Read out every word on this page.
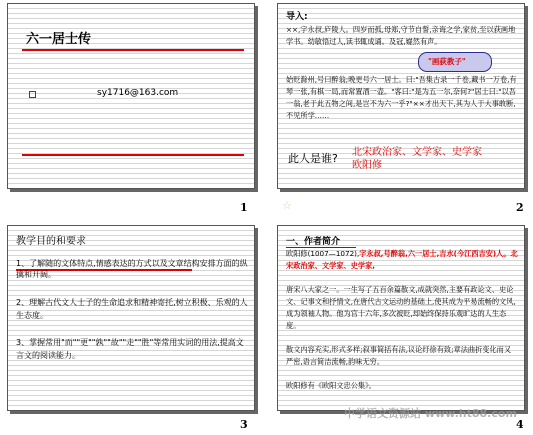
六一居士传
sy1716@163.com
1
导入:
××,字永叔,庐陵人。四岁而孤,母郑,守节自誓,亲诲之学,家贫,至以荻画地学书。幼敏悟过人,读书辄成诵。及冠,嶷然有声。
"画荻教子"
始贬滁州,号曰醉翁;晚更号六一居士。曰:"吾集古录一千卷,藏书一万卷,有琴一张,有棋一局,而常置酒一壶。"客曰:"是为五一尔,奈何?"居士曰:"以吾一翁,老于此五物之间,是岂不为六一乎?"××才出天下,其为人于大事敢断,不见所学……
此人是谁? 北宋政治家、文学家、史学家
欧阳修
☆	2
教学目的和要求
1、了解随的文体特点,情感表达的方式以及文章结构安排方面的纵擒和开阔。
2、理解古代文人士子的生命追求和精神寄托,树立积极、乐观的人生态度。
3、掌握常用"而""更""孰""故""走""胜"等常用实词的用法,提高文言文的阅读能力。
3
一、作者简介
欧阳修(1007—1072),字永叔,号醉翁,六一居士,吉水(今江西吉安)人。北宋政治家、文学家、史学家,
唐宋八大家之一。一生写了五百余篇散文,成就突然,主要有政论文、史论文、记事文和抒情文,在唐代古文运动的基础上,使其成为平易流畅的文风,成为领袖人物。他为官十六年,多次被贬,却始终保持乐观旷达的人生态度。
散文内容充实,形式多样;叙事简括有法,议论纡徐有致;章法曲折变化而又严密,语言简洁流畅,韵味无穷。
欧阳修有《欧阳文忠公集》。
中学语文资源站 www.ht88.com
4
